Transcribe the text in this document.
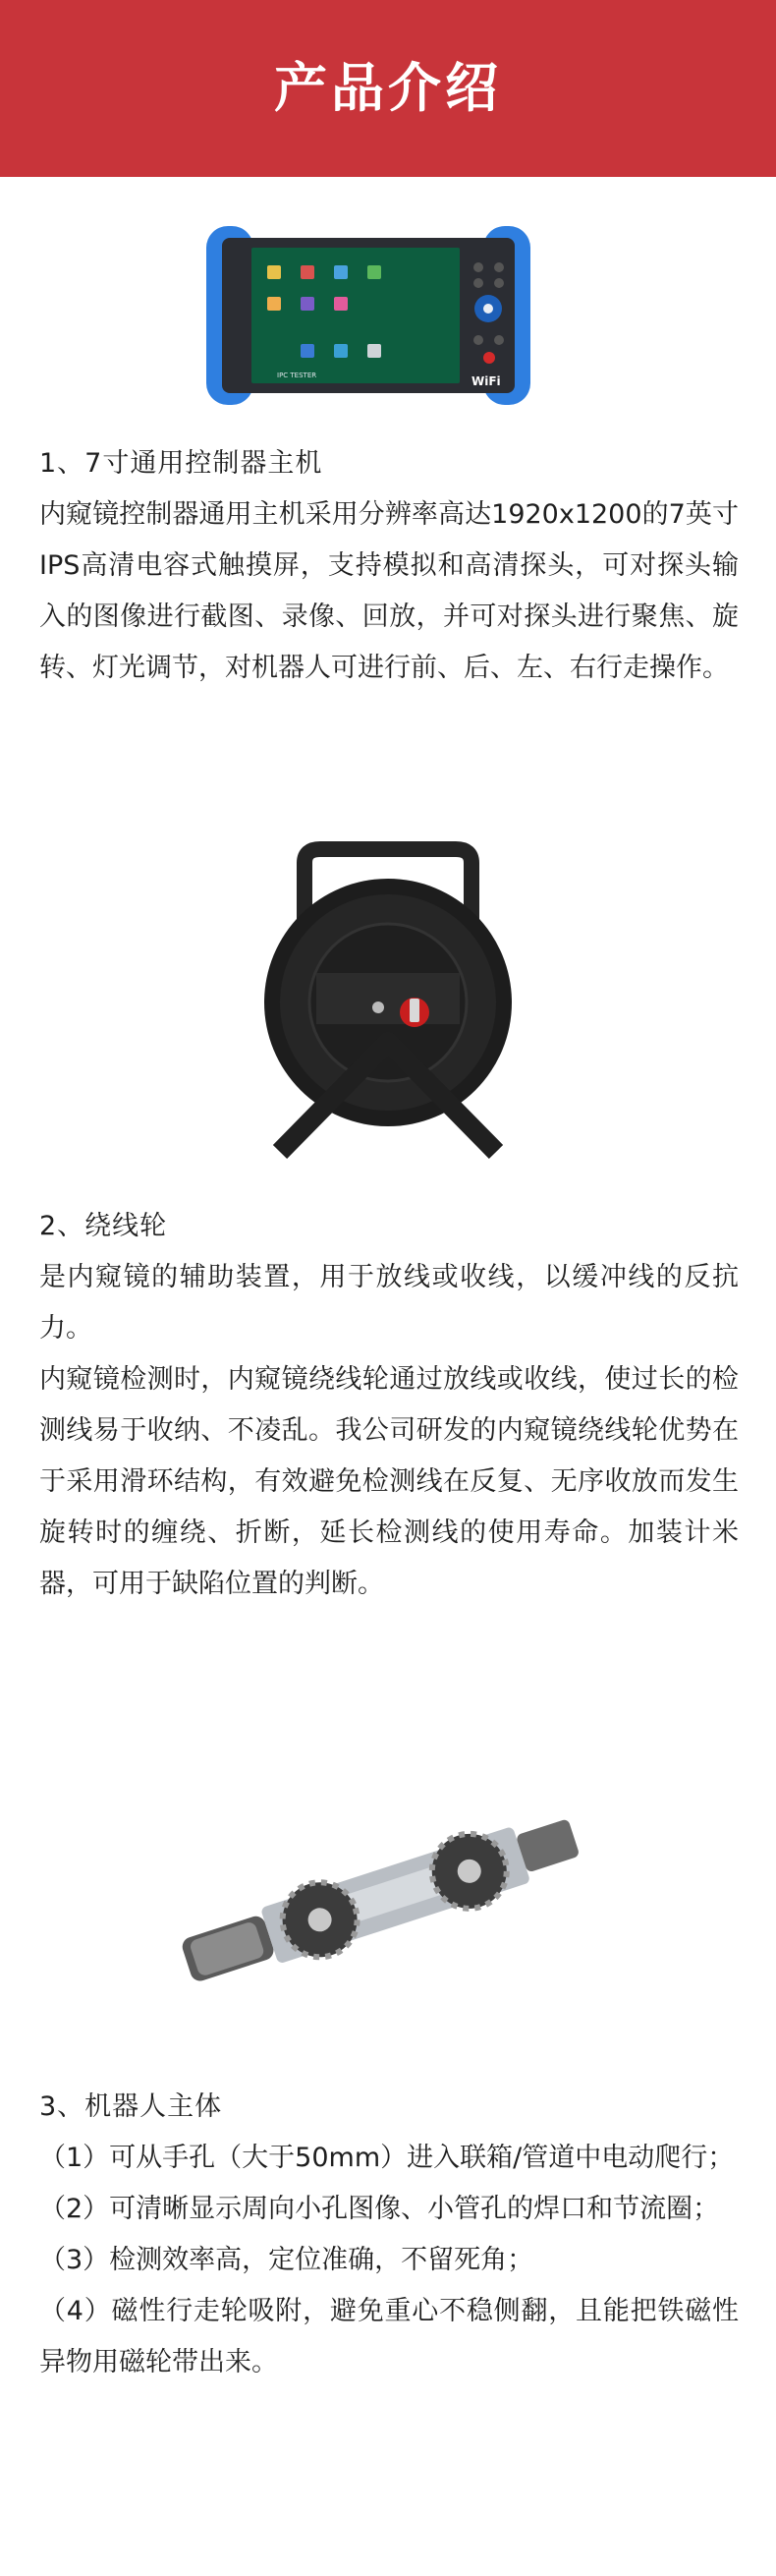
产品介绍
IPC TESTER	WiFi

1、7寸通用控制器主机

内窥镜控制器通用主机采用分辨率高达1920x1200的7英寸IPS高清电容式触摸屏，支持模拟和高清探头，可对探头输入的图像进行截图、录像、回放，并可对探头进行聚焦、旋转、灯光调节，对机器人可进行前、后、左、右行走操作。

2、绕线轮

是内窥镜的辅助装置，用于放线或收线，以缓冲线的反抗力。

内窥镜检测时，内窥镜绕线轮通过放线或收线，使过长的检测线易于收纳、不凌乱。我公司研发的内窥镜绕线轮优势在于采用滑环结构，有效避免检测线在反复、无序收放而发生旋转时的缠绕、折断，延长检测线的使用寿命。加装计米器，可用于缺陷位置的判断。

3、机器人主体

（1）可从手孔（大于50mm）进入联箱/管道中电动爬行；

（2）可清晰显示周向小孔图像、小管孔的焊口和节流圈；

（3）检测效率高，定位准确，不留死角；

（4）磁性行走轮吸附，避免重心不稳侧翻，且能把铁磁性异物用磁轮带出来。
